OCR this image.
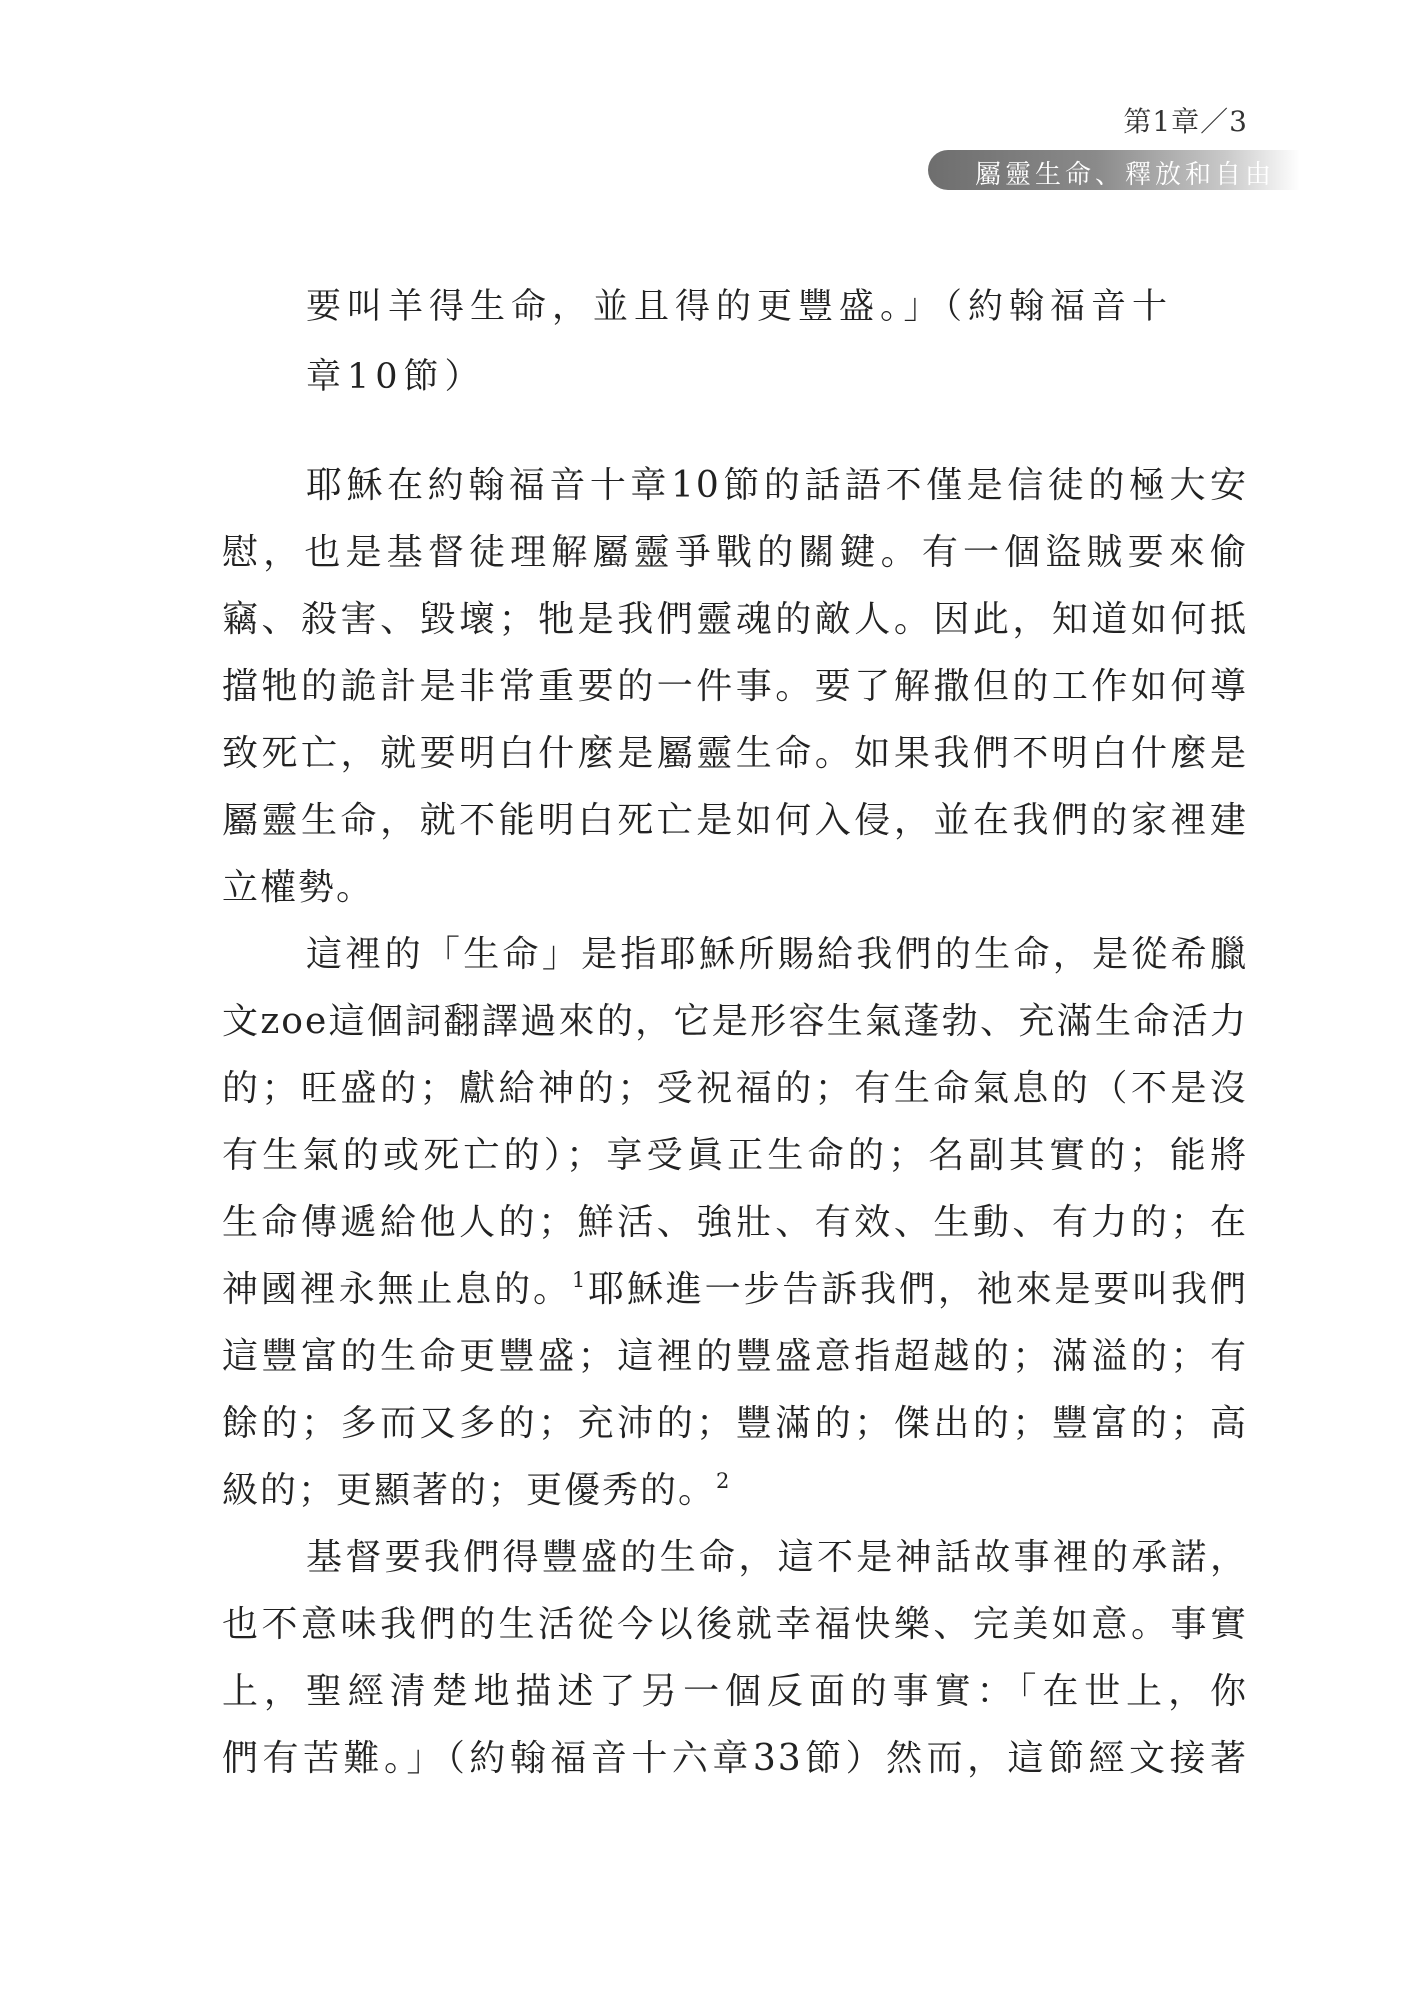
第1章／3
屬靈生命、釋放和自由
要叫羊得生命，並且得的更豐盛。」（約翰福音十
章10節）
耶穌在約翰福音十章10節的話語不僅是信徒的極大安
慰，也是基督徒理解屬靈爭戰的關鍵。有一個盜賊要來偷
竊、殺害、毀壞；牠是我們靈魂的敵人。因此，知道如何抵
擋牠的詭計是非常重要的一件事。要了解撒但的工作如何導
致死亡，就要明白什麼是屬靈生命。如果我們不明白什麼是
屬靈生命，就不能明白死亡是如何入侵，並在我們的家裡建
立權勢。
這裡的「生命」是指耶穌所賜給我們的生命，是從希臘
文zoe這個詞翻譯過來的，它是形容生氣蓬勃、充滿生命活力
的；旺盛的；獻給神的；受祝福的；有生命氣息的（不是沒
有生氣的或死亡的）；享受眞正生命的；名副其實的；能將
生命傳遞給他人的；鮮活、強壯、有效、生動、有力的；在
神國裡永無止息的。$^1$耶穌進一步告訴我們，祂來是要叫我們
這豐富的生命更豐盛；這裡的豐盛意指超越的；滿溢的；有
餘的；多而又多的；充沛的；豐滿的；傑出的；豐富的；高
級的；更顯著的；更優秀的。$^2$
基督要我們得豐盛的生命，這不是神話故事裡的承諾，
也不意味我們的生活從今以後就幸福快樂、完美如意。事實
上，聖經清楚地描述了另一個反面的事實：「在世上，你
們有苦難。」（約翰福音十六章33節）然而，這節經文接著
